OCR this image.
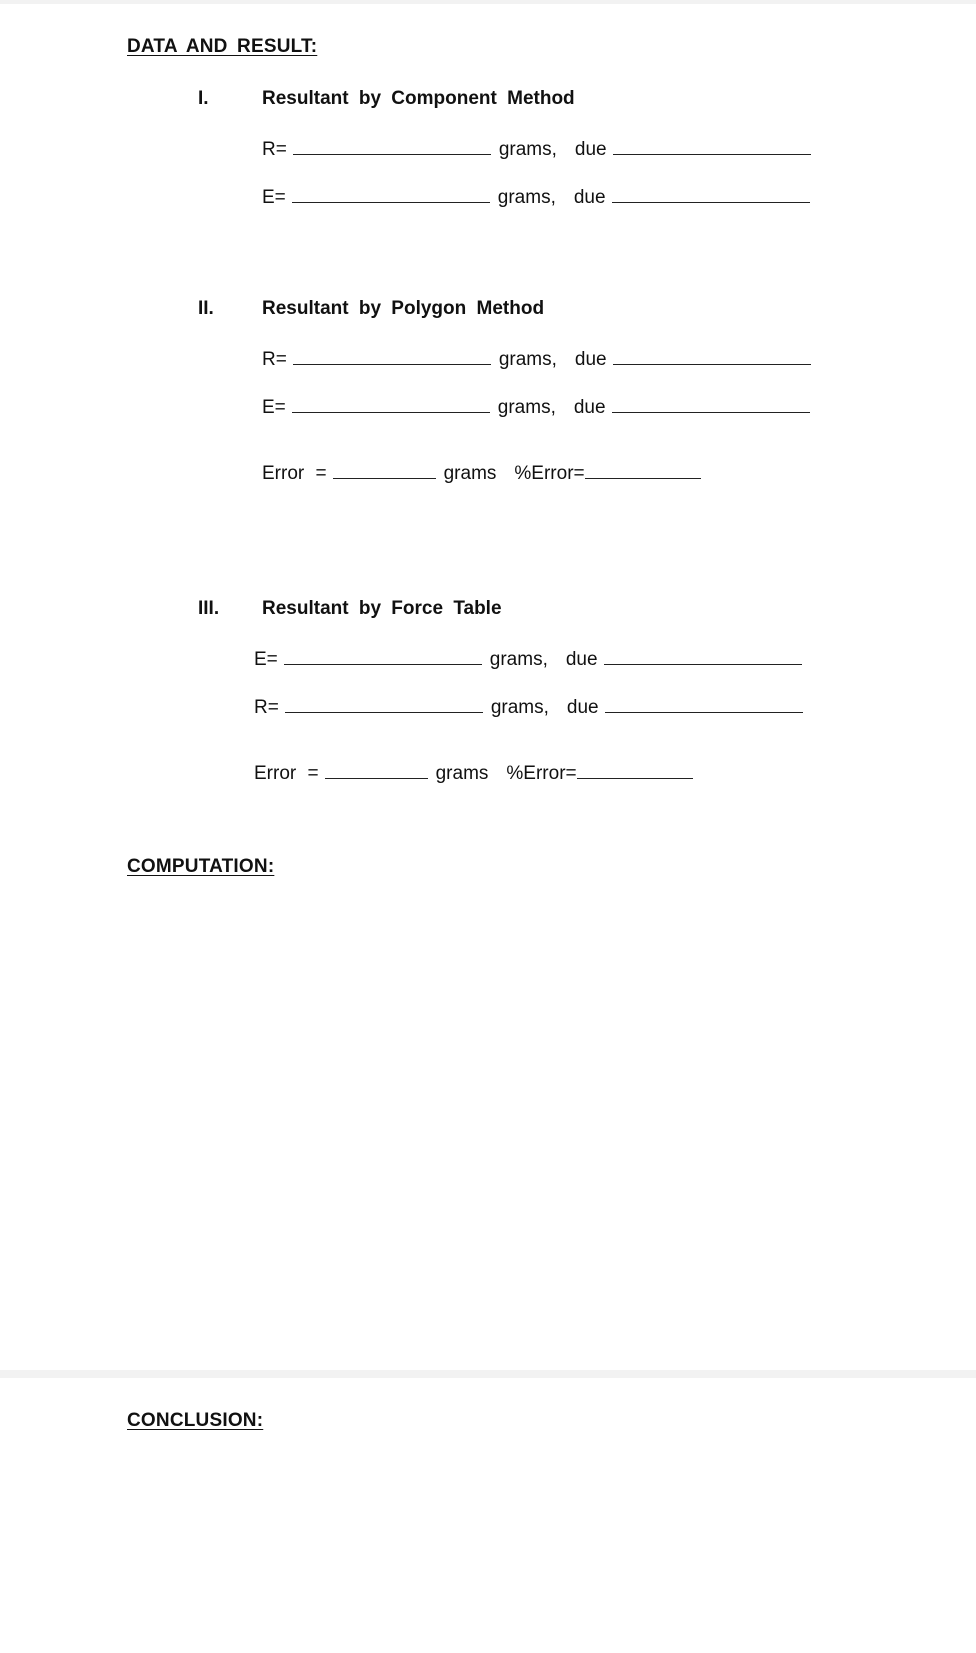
DATA AND RESULT:
I.	Resultant by Component Method
R=	grams, due
E=	grams, due
II.	Resultant by Polygon Method
R=	grams, due
E=	grams, due
Error =	grams %Error=
III. Resultant by Force Table
E=	grams, due
R=	grams, due
Error =	grams %Error=
COMPUTATION:
CONCLUSION:
